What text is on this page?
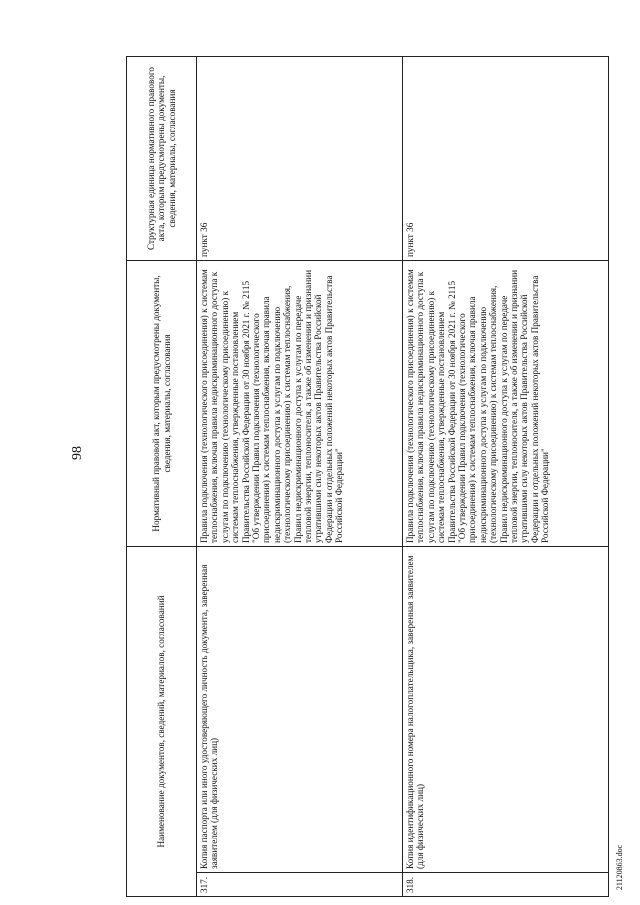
98
Наименование документов, сведений, материалов, согласований		Нормативный правовой акт, которым предусмотрены документы, сведения, материалы, согласования	Структурная единица нормативного правового акта, которым предусмотрены документы, сведения, материалы, согласования
317.	Копия паспорта или иного удостоверяющего личность документа, заверенная заявителем (для физических лиц)	Правила подключения (технологического присоединения) к системам теплоснабжения, включая правила недискриминационного доступа к услугам по подключению (технологическому присоединению) к системам теплоснабжения, утвержденные постановлением Правительства Российской Федерации от 30 ноября 2021 г. № 2115 "Об утверждении Правил подключения (технологического присоединения) к системам теплоснабжения, включая правила недискриминационного доступа к услугам по подключению (технологическому присоединению) к системам теплоснабжения, Правил недискриминационного доступа к услугам по передаче тепловой энергии, теплоносителя, а также об изменении и признании утратившими силу некоторых актов Правительства Российской Федерации и отдельных положений некоторых актов Правительства Российской Федерации"	пункт 36
318.	Копия идентификационного номера налогоплательщика, заверенная заявителем (для физических лиц)	Правила подключения (технологического присоединения) к системам теплоснабжения, включая правила недискриминационного доступа к услугам по подключению (технологическому присоединению) к системам теплоснабжения, утвержденные постановлением Правительства Российской Федерации от 30 ноября 2021 г. № 2115 "Об утверждении Правил подключения (технологического присоединения) к системам теплоснабжения, включая правила недискриминационного доступа к услугам по подключению (технологическому присоединению) к системам теплоснабжения, Правил недискриминационного доступа к услугам по передаче тепловой энергии, теплоносителя, а также об изменении и признании утратившими силу некоторых актов Правительства Российской Федерации и отдельных положений некоторых актов Правительства Российской Федерации"	пункт 36
21120863.doc
